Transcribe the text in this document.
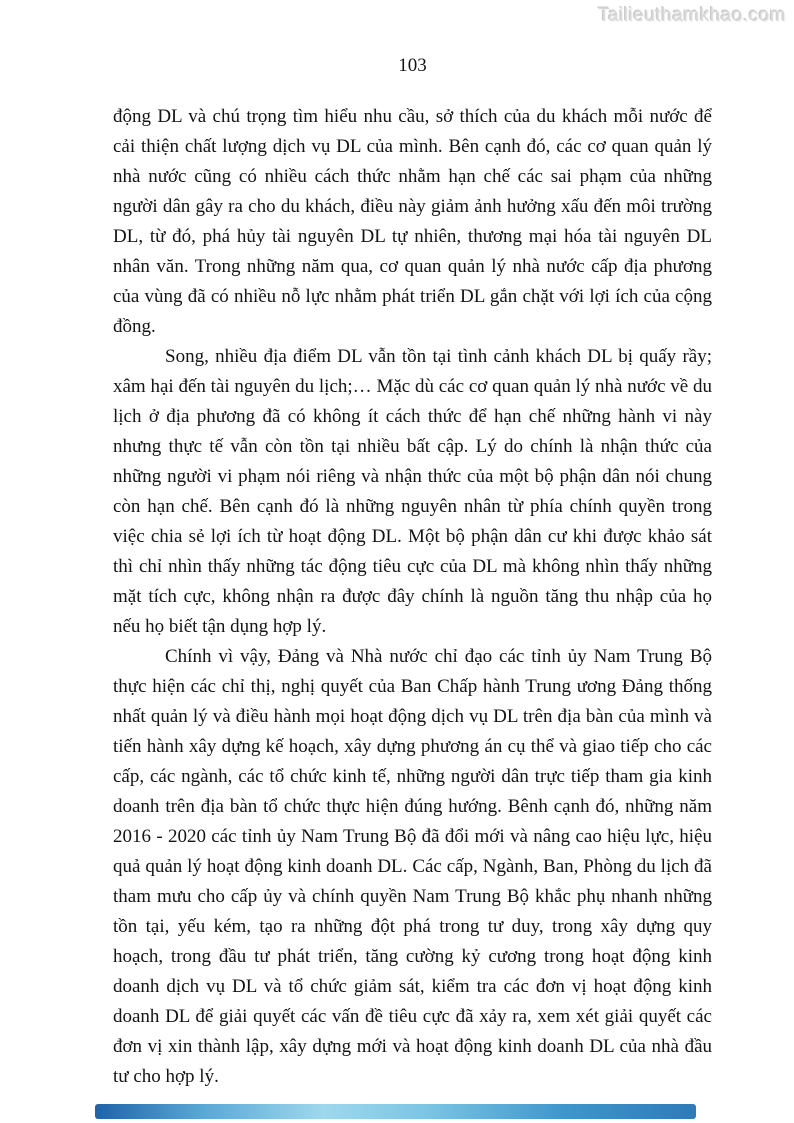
Tailieuthamkhao.com
103

động DL và chú trọng tìm hiểu nhu cầu, sở thích của du khách mỗi nước để cải thiện chất lượng dịch vụ DL của mình. Bên cạnh đó, các cơ quan quản lý nhà nước cũng có nhiều cách thức nhằm hạn chế các sai phạm của những người dân gây ra cho du khách, điều này giảm ảnh hưởng xấu đến môi trường DL, từ đó, phá hủy tài nguyên DL tự nhiên, thương mại hóa tài nguyên DL nhân văn. Trong những năm qua, cơ quan quản lý nhà nước cấp địa phương của vùng đã có nhiều nỗ lực nhằm phát triển DL gắn chặt với lợi ích của cộng đồng.

Song, nhiều địa điểm DL vẫn tồn tại tình cảnh khách DL bị quấy rầy; xâm hại đến tài nguyên du lịch;… Mặc dù các cơ quan quản lý nhà nước về du lịch ở địa phương đã có không ít cách thức để hạn chế những hành vi này nhưng thực tế vẫn còn tồn tại nhiều bất cập. Lý do chính là nhận thức của những người vi phạm nói riêng và nhận thức của một bộ phận dân nói chung còn hạn chế. Bên cạnh đó là những nguyên nhân từ phía chính quyền trong việc chia sẻ lợi ích từ hoạt động DL. Một bộ phận dân cư khi được khảo sát thì chỉ nhìn thấy những tác động tiêu cực của DL mà không nhìn thấy những mặt tích cực, không nhận ra được đây chính là nguồn tăng thu nhập của họ nếu họ biết tận dụng hợp lý.

Chính vì vậy, Đảng và Nhà nước chỉ đạo các tỉnh ủy Nam Trung Bộ thực hiện các chỉ thị, nghị quyết của Ban Chấp hành Trung ương Đảng thống nhất quản lý và điều hành mọi hoạt động dịch vụ DL trên địa bàn của mình và tiến hành xây dựng kế hoạch, xây dựng phương án cụ thể và giao tiếp cho các cấp, các ngành, các tổ chức kinh tế, những người dân trực tiếp tham gia kinh doanh trên địa bàn tổ chức thực hiện đúng hướng. Bênh cạnh đó, những năm 2016 - 2020 các tỉnh ủy Nam Trung Bộ đã đổi mới và nâng cao hiệu lực, hiệu quả quản lý hoạt động kinh doanh DL. Các cấp, Ngành, Ban, Phòng du lịch đã tham mưu cho cấp ủy và chính quyền Nam Trung Bộ khắc phụ nhanh những tồn tại, yếu kém, tạo ra những đột phá trong tư duy, trong xây dựng quy hoạch, trong đầu tư phát triển, tăng cường kỷ cương trong hoạt động kinh doanh dịch vụ DL và tổ chức giảm sát, kiểm tra các đơn vị hoạt động kinh doanh DL để giải quyết các vấn đề tiêu cực đã xảy ra, xem xét giải quyết các đơn vị xin thành lập, xây dựng mới và hoạt động kinh doanh DL của nhà đầu tư cho hợp lý.
